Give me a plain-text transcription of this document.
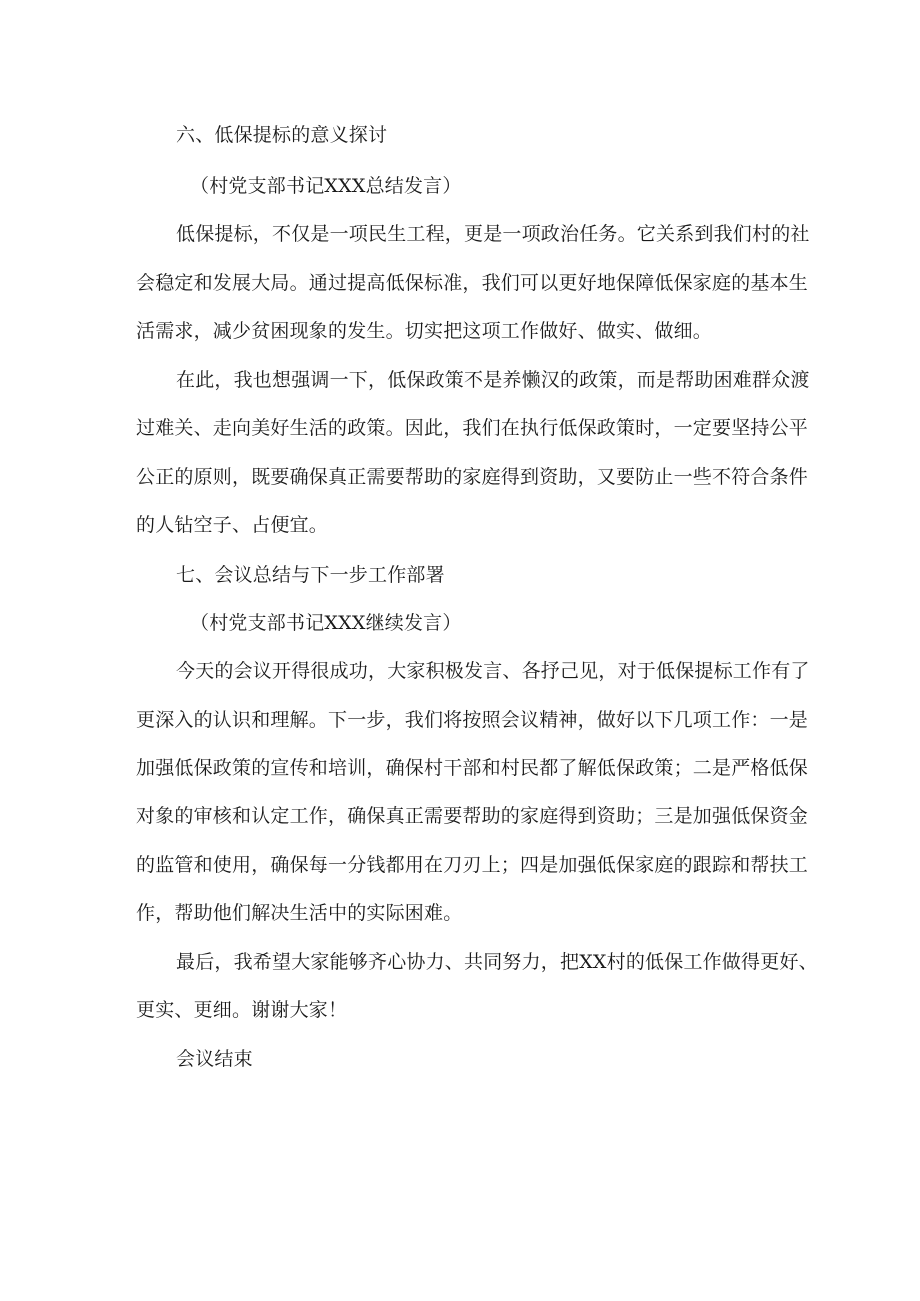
六、低保提标的意义探讨
（村党支部书记XXX总结发言）
低保提标，不仅是一项民生工程，更是一项政治任务。它关系到我们村的社
会稳定和发展大局。通过提高低保标准，我们可以更好地保障低保家庭的基本生
活需求，减少贫困现象的发生。切实把这项工作做好、做实、做细。
在此，我也想强调一下，低保政策不是养懒汉的政策，而是帮助困难群众渡
过难关、走向美好生活的政策。因此，我们在执行低保政策时，一定要坚持公平
公正的原则，既要确保真正需要帮助的家庭得到资助，又要防止一些不符合条件
的人钻空子、占便宜。
七、会议总结与下一步工作部署
（村党支部书记XXX继续发言）
今天的会议开得很成功，大家积极发言、各抒己见，对于低保提标工作有了
更深入的认识和理解。下一步，我们将按照会议精神，做好以下几项工作：一是
加强低保政策的宣传和培训，确保村干部和村民都了解低保政策；二是严格低保
对象的审核和认定工作，确保真正需要帮助的家庭得到资助；三是加强低保资金
的监管和使用，确保每一分钱都用在刀刃上；四是加强低保家庭的跟踪和帮扶工
作，帮助他们解决生活中的实际困难。
最后，我希望大家能够齐心协力、共同努力，把XX村的低保工作做得更好、
更实、更细。谢谢大家！
会议结束
